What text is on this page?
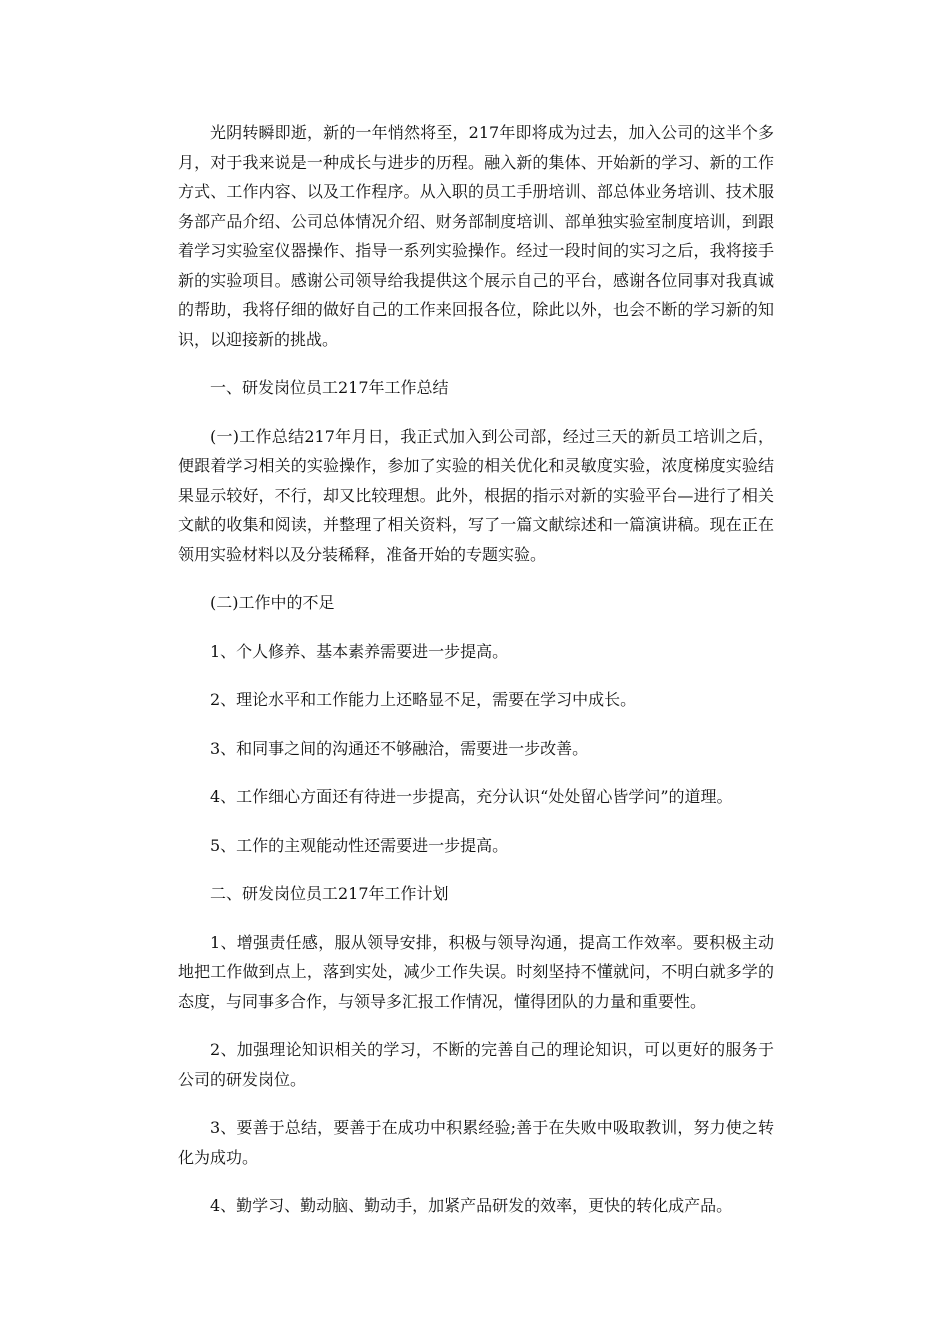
光阴转瞬即逝，新的一年悄然将至，217年即将成为过去，加入公司的这半个多月，对于我来说是一种成长与进步的历程。融入新的集体、开始新的学习、新的工作方式、工作内容、以及工作程序。从入职的员工手册培训、部总体业务培训、技术服务部产品介绍、公司总体情况介绍、财务部制度培训、部单独实验室制度培训，到跟着学习实验室仪器操作、指导一系列实验操作。经过一段时间的实习之后，我将接手新的实验项目。感谢公司领导给我提供这个展示自己的平台，感谢各位同事对我真诚的帮助，我将仔细的做好自己的工作来回报各位，除此以外，也会不断的学习新的知识，以迎接新的挑战。

一、研发岗位员工217年工作总结

(一)工作总结217年月日，我正式加入到公司部，经过三天的新员工培训之后，便跟着学习相关的实验操作，参加了实验的相关优化和灵敏度实验，浓度梯度实验结果显示较好，不行，却又比较理想。此外，根据的指示对新的实验平台—进行了相关文献的收集和阅读，并整理了相关资料，写了一篇文献综述和一篇演讲稿。现在正在领用实验材料以及分装稀释，准备开始的专题实验。

(二)工作中的不足

1、个人修养、基本素养需要进一步提高。

2、理论水平和工作能力上还略显不足，需要在学习中成长。

3、和同事之间的沟通还不够融洽，需要进一步改善。

4、工作细心方面还有待进一步提高，充分认识“处处留心皆学问”的道理。

5、工作的主观能动性还需要进一步提高。

二、研发岗位员工217年工作计划

1、增强责任感，服从领导安排，积极与领导沟通，提高工作效率。要积极主动地把工作做到点上，落到实处，减少工作失误。时刻坚持不懂就问，不明白就多学的态度，与同事多合作，与领导多汇报工作情况，懂得团队的力量和重要性。

2、加强理论知识相关的学习，不断的完善自己的理论知识，可以更好的服务于公司的研发岗位。

3、要善于总结，要善于在成功中积累经验;善于在失败中吸取教训，努力使之转化为成功。

4、勤学习、勤动脑、勤动手，加紧产品研发的效率，更快的转化成产品。
